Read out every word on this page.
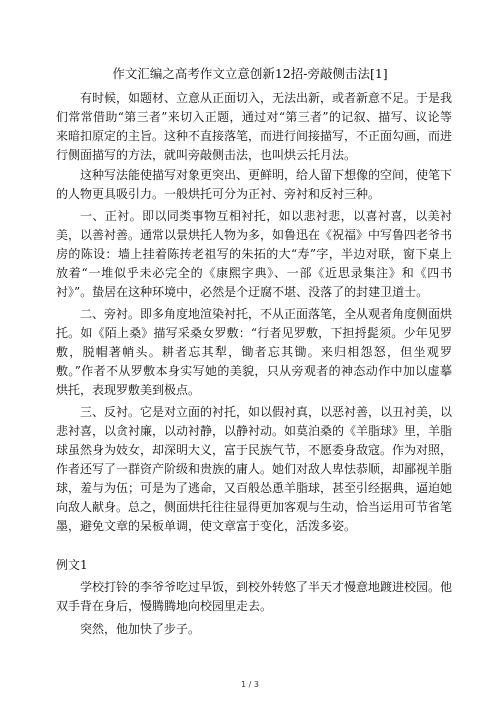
作文汇编之高考作文立意创新12招-旁敲侧击法[1]

有时候，如题材、立意从正面切入，无法出新，或者新意不足。于是我们常常借助“第三者”来切入正题，通过对“第三者”的记叙、描写、议论等来暗扣原定的主旨。这种不直接落笔，而进行间接描写，不正面勾画，而进行侧面描写的方法，就叫旁敲侧击法，也叫烘云托月法。

这种写法能使描写对象更突出、更鲜明，给人留下想像的空间，使笔下的人物更具吸引力。一般烘托可分为正衬、旁衬和反衬三种。

一、正衬。即以同类事物互相衬托，如以悲衬悲，以喜衬喜，以美衬美，以善衬善。通常以景烘托人物为多，如鲁迅在《祝福》中写鲁四老爷书房的陈设：墙上挂着陈抟老祖写的朱拓的大“寿”字，半边对联，窗下桌上放着“一堆似乎未必完全的《康熙字典》、一部《近思录集注》和《四书衬》”。蛰居在这种环境中，必然是个迂腐不堪、没落了的封建卫道士。

二、旁衬。即多角度地渲染衬托，不从正面落笔，全从观者角度侧面烘托。如《陌上桑》描写采桑女罗敷：“行者见罗敷，下担捋髭须。少年见罗敷，脱帽著帩头。耕者忘其犁，锄者忘其锄。来归相怨怒，但坐观罗敷。”作者不从罗敷本身实写她的美貌，只从旁观者的神态动作中加以虚摹烘托，表现罗敷美到极点。

三、反衬。它是对立面的衬托，如以假衬真，以恶衬善，以丑衬美，以悲衬喜，以贪衬廉，以动衬静，以静衬动。如莫泊桑的《羊脂球》里，羊脂球虽然身为妓女，却深明大义，富于民族气节，不愿委身敌寇。作为对照，作者还写了一群资产阶级和贵族的庸人。她们对敌人卑怯恭顺，却鄙视羊脂球，羞与为伍；可是为了逃命，又百般怂恿羊脂球，甚至引经据典，逼迫她向敌人献身。总之，侧面烘托往往显得更加客观与生动，恰当运用可节省笔墨，避免文章的呆板单调，使文章富于变化，活泼多姿。

例文1

学校打铃的李爷爷吃过早饭，到校外转悠了半天才慢意地踱进校园。他双手背在身后，慢腾腾地向校园里走去。

突然，他加快了步子。

1 / 3
